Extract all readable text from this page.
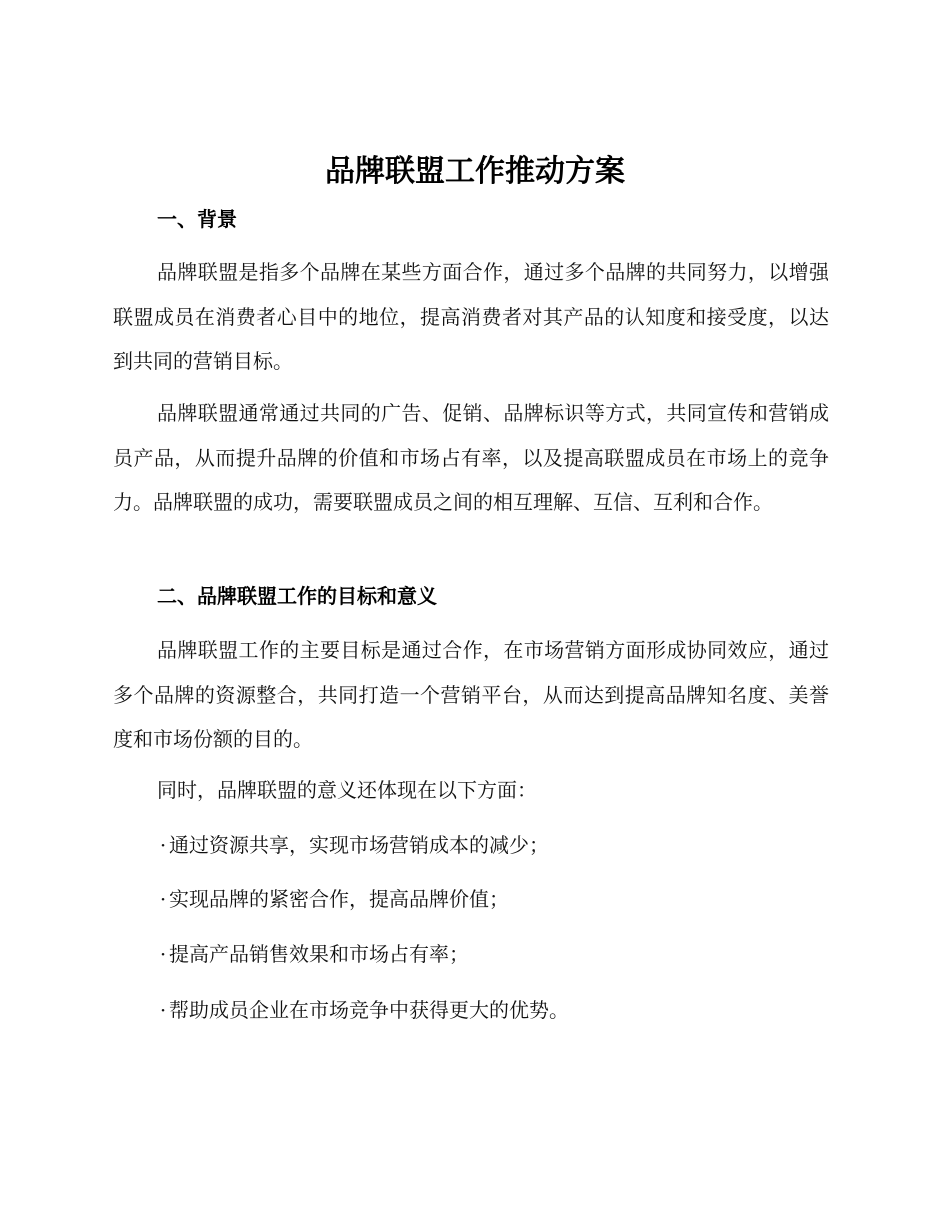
品牌联盟工作推动方案
一、背景
品牌联盟是指多个品牌在某些方面合作，通过多个品牌的共同努力，以增强联盟成员在消费者心目中的地位，提高消费者对其产品的认知度和接受度，以达到共同的营销目标。
品牌联盟通常通过共同的广告、促销、品牌标识等方式，共同宣传和营销成员产品，从而提升品牌的价值和市场占有率，以及提高联盟成员在市场上的竞争力。品牌联盟的成功，需要联盟成员之间的相互理解、互信、互利和合作。
二、品牌联盟工作的目标和意义
品牌联盟工作的主要目标是通过合作，在市场营销方面形成协同效应，通过多个品牌的资源整合，共同打造一个营销平台，从而达到提高品牌知名度、美誉度和市场份额的目的。
同时，品牌联盟的意义还体现在以下方面：
· 通过资源共享，实现市场营销成本的减少；
· 实现品牌的紧密合作，提高品牌价值；
· 提高产品销售效果和市场占有率；
· 帮助成员企业在市场竞争中获得更大的优势。
